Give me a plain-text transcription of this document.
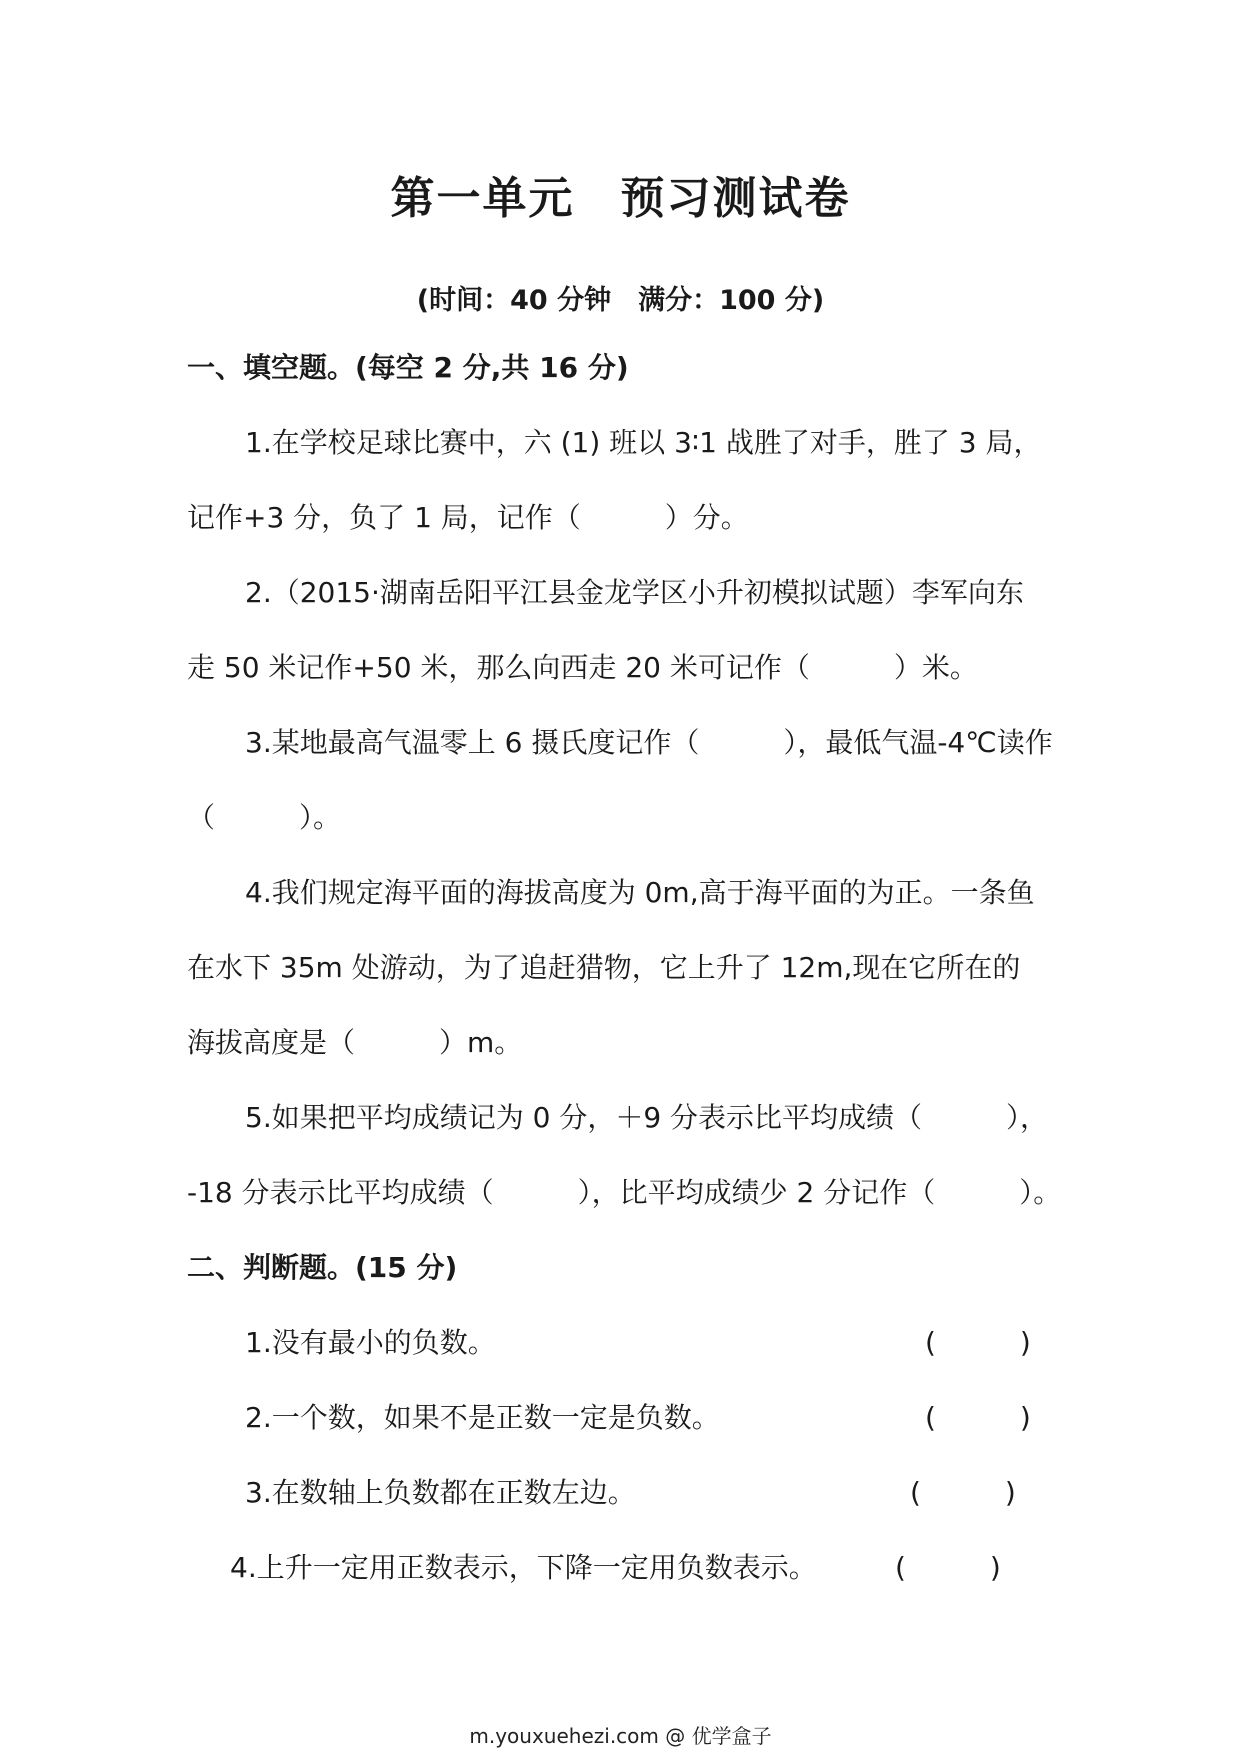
第一单元　预习测试卷
(时间：40 分钟　满分：100 分)
一、填空题。(每空 2 分,共 16 分)
1.在学校足球比赛中，六 (1) 班以 3∶1 战胜了对手，胜了 3 局，
记作+3 分，负了 1 局，记作（　　　）分。
2.（2015·湖南岳阳平江县金龙学区小升初模拟试题）李军向东
走 50 米记作+50 米，那么向西走 20 米可记作（　　　）米。
3.某地最高气温零上 6 摄氏度记作（　　　），最低气温-4℃读作
（　　　）。
4.我们规定海平面的海拔高度为 0m,高于海平面的为正。一条鱼
在水下 35m 处游动，为了追赶猎物，它上升了 12m,现在它所在的
海拔高度是（　　　）m。
5.如果把平均成绩记为 0 分，＋9 分表示比平均成绩（　　　），
-18 分表示比平均成绩（　　　），比平均成绩少 2 分记作（　　　）。
二、判断题。(15 分)
1.没有最小的负数。	(　　　)
2.一个数，如果不是正数一定是负数。	(　　　)
3.在数轴上负数都在正数左边。	(　　　)
4.上升一定用正数表示，下降一定用负数表示。	(　　　)
m.youxuehezi.com @ 优学盒子
